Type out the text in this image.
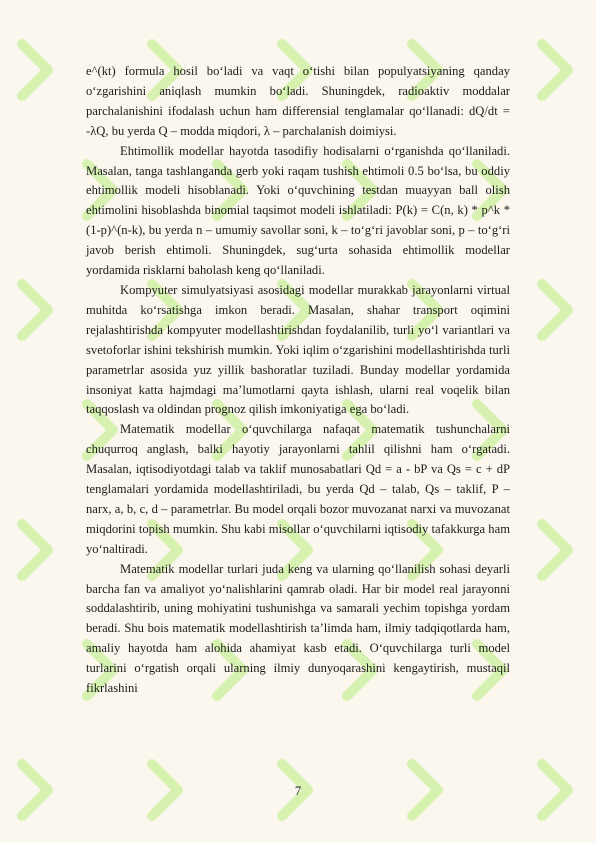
e^(kt) formula hosil bo‘ladi va vaqt o‘tishi bilan populyatsiyaning qanday o‘zgarishini aniqlash mumkin bo‘ladi. Shuningdek, radioaktiv moddalar parchalanishini ifodalash uchun ham differensial tenglamalar qo‘llanadi: dQ/dt = -λQ, bu yerda Q – modda miqdori, λ – parchalanish doimiysi.

Ehtimollik modellar hayotda tasodifiy hodisalarni o‘rganishda qo‘llaniladi. Masalan, tanga tashlanganda gerb yoki raqam tushish ehtimoli 0.5 bo‘lsa, bu oddiy ehtimollik modeli hisoblanadi. Yoki o‘quvchining testdan muayyan ball olish ehtimolini hisoblashda binomial taqsimot modeli ishlatiladi: P(k) = C(n, k) * p^k * (1-p)^(n-k), bu yerda n – umumiy savollar soni, k – to‘g‘ri javoblar soni, p – to‘g‘ri javob berish ehtimoli. Shuningdek, sug‘urta sohasida ehtimollik modellar yordamida risklarni baholash keng qo‘llaniladi.

Kompyuter simulyatsiyasi asosidagi modellar murakkab jarayonlarni virtual muhitda ko‘rsatishga imkon beradi. Masalan, shahar transport oqimini rejalashtirishda kompyuter modellashtirishdan foydalanilib, turli yo‘l variantlari va svetoforlar ishini tekshirish mumkin. Yoki iqlim o‘zgarishini modellashtirishda turli parametrlar asosida yuz yillik bashoratlar tuziladi. Bunday modellar yordamida insoniyat katta hajmdagi ma’lumotlarni qayta ishlash, ularni real voqelik bilan taqqoslash va oldindan prognoz qilish imkoniyatiga ega bo‘ladi.

Matematik modellar o‘quvchilarga nafaqat matematik tushunchalarni chuqurroq anglash, balki hayotiy jarayonlarni tahlil qilishni ham o‘rgatadi. Masalan, iqtisodiyotdagi talab va taklif munosabatlari Qd = a - bP va Qs = c + dP tenglamalari yordamida modellashtiriladi, bu yerda Qd – talab, Qs – taklif, P – narx, a, b, c, d – parametrlar. Bu model orqali bozor muvozanat narxi va muvozanat miqdorini topish mumkin. Shu kabi misollar o‘quvchilarni iqtisodiy tafakkurga ham yo‘naltiradi.

Matematik modellar turlari juda keng va ularning qo‘llanilish sohasi deyarli barcha fan va amaliyot yo‘nalishlarini qamrab oladi. Har bir model real jarayonni soddalashtirib, uning mohiyatini tushunishga va samarali yechim topishga yordam beradi. Shu bois matematik modellashtirish ta’limda ham, ilmiy tadqiqotlarda ham, amaliy hayotda ham alohida ahamiyat kasb etadi. O‘quvchilarga turli model turlarini o‘rgatish orqali ularning ilmiy dunyoqarashini kengaytirish, mustaqil fikrlashini

7
